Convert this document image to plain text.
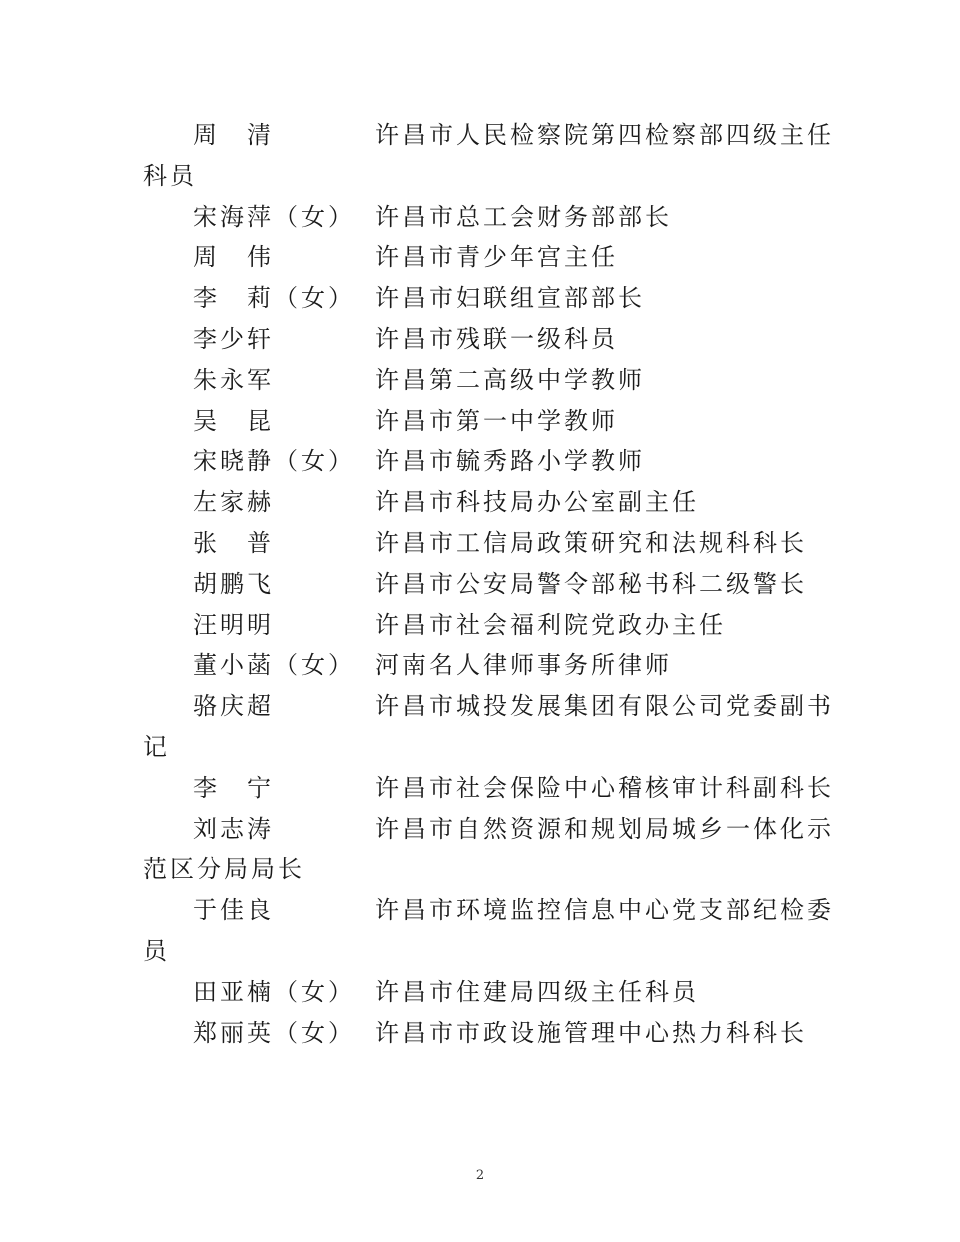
周　清	许昌市人民检察院第四检察部四级主任
科员
宋海萍（女） 许昌市总工会财务部部长
周　伟	许昌市青少年宫主任
李　莉（女） 许昌市妇联组宣部部长
李少轩	许昌市残联一级科员
朱永军	许昌第二高级中学教师
吴　昆	许昌市第一中学教师
宋晓静（女） 许昌市毓秀路小学教师
左家赫	许昌市科技局办公室副主任
张　普	许昌市工信局政策研究和法规科科长
胡鹏飞	许昌市公安局警令部秘书科二级警长
汪明明	许昌市社会福利院党政办主任
董小菡（女） 河南名人律师事务所律师
骆庆超	许昌市城投发展集团有限公司党委副书
记
李　宁	许昌市社会保险中心稽核审计科副科长
刘志涛	许昌市自然资源和规划局城乡一体化示
范区分局局长
于佳良	许昌市环境监控信息中心党支部纪检委
员
田亚楠（女） 许昌市住建局四级主任科员
郑丽英（女） 许昌市市政设施管理中心热力科科长
2
